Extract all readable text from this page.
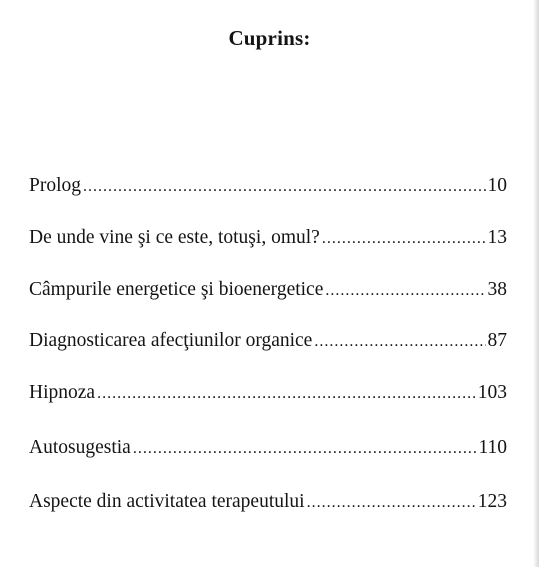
Cuprins:
Prolog .....	10
De unde vine şi ce este, totuşi, omul? .....	13
Câmpurile energetice şi bioenergetice .....	38
Diagnosticarea afecţiunilor organice .....	87
Hipnoza .....	103
Autosugestia .....	110
Aspecte din activitatea terapeutului .....	123
